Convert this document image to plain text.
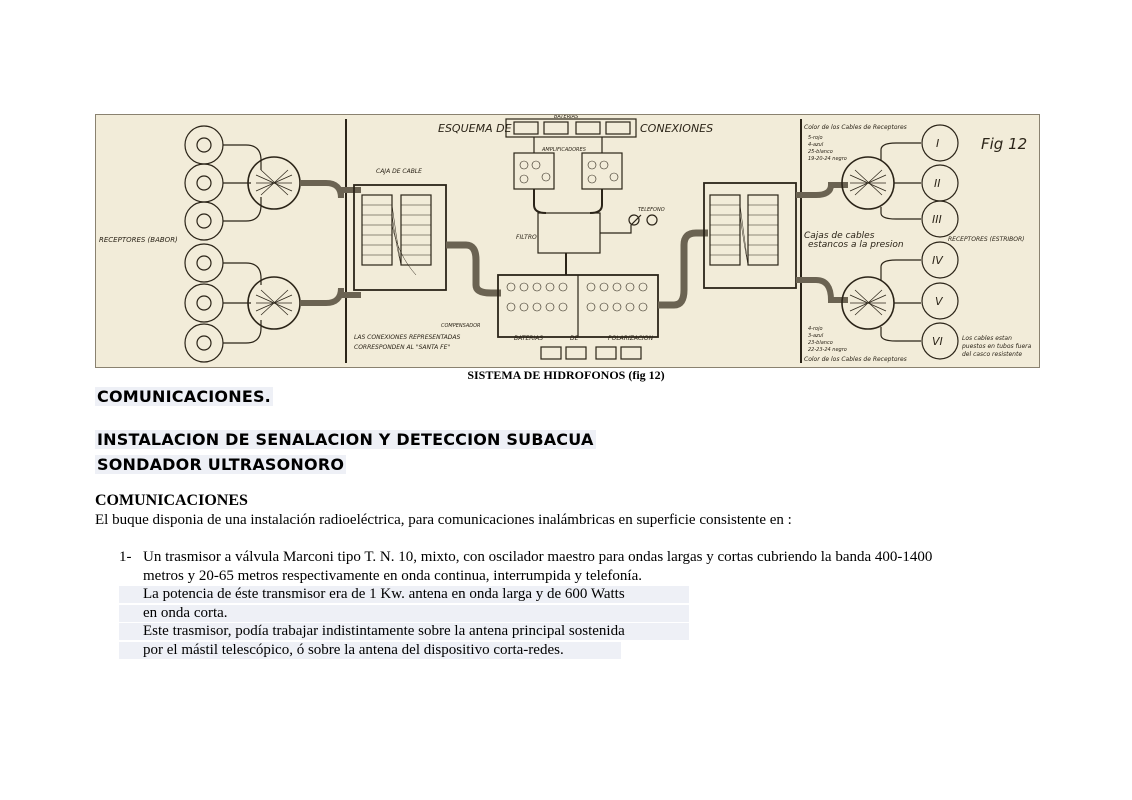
ESQUEMA DE	CONEXIONES
Fig 12
BATERIAS
AMPLIFICADORES
CAJA DE CABLE
FILTRO
TELEFONO
RECEPTORES (BABOR)	RECEPTORES (ESTRIBOR)
COMPENSADOR
LAS CONEXIONES REPRESENTADAS
CORRESPONDEN AL "SANTA FE"
BATERIAS	DE	POLARIZACION
Color de los Cables de Receptores
5-rojo
4-azul
25-blanco
19-20-24 negro
Cajas de cables
estancos a la presion
4-rojo
3-azul
23-blanco
22-23-24 negro
Color de los Cables de Receptores
Los cables estan
puestos en tubos fuera
del casco resistente
I
II
III
IV
V
VI
SISTEMA DE HIDROFONOS (fig 12)
COMUNICACIONES.
INSTALACION DE SENALACION Y DETECCION SUBACUA
SONDADOR ULTRASONORO
COMUNICACIONES
El buque disponia de una instalación radioeléctrica, para comunicaciones inalámbricas en superficie consistente en :
1- Un trasmisor a válvula Marconi tipo T. N. 10, mixto, con oscilador maestro para ondas largas y cortas cubriendo la banda 400-1400
metros y 20-65 metros respectivamente en onda continua, interrumpida y telefonía.
La potencia de éste transmisor era de 1 Kw. antena en onda larga y de 600 Watts
en onda corta.
Este trasmisor, podía trabajar indistintamente sobre la antena principal sostenida
por el mástil telescópico, ó sobre la antena del dispositivo corta-redes.
